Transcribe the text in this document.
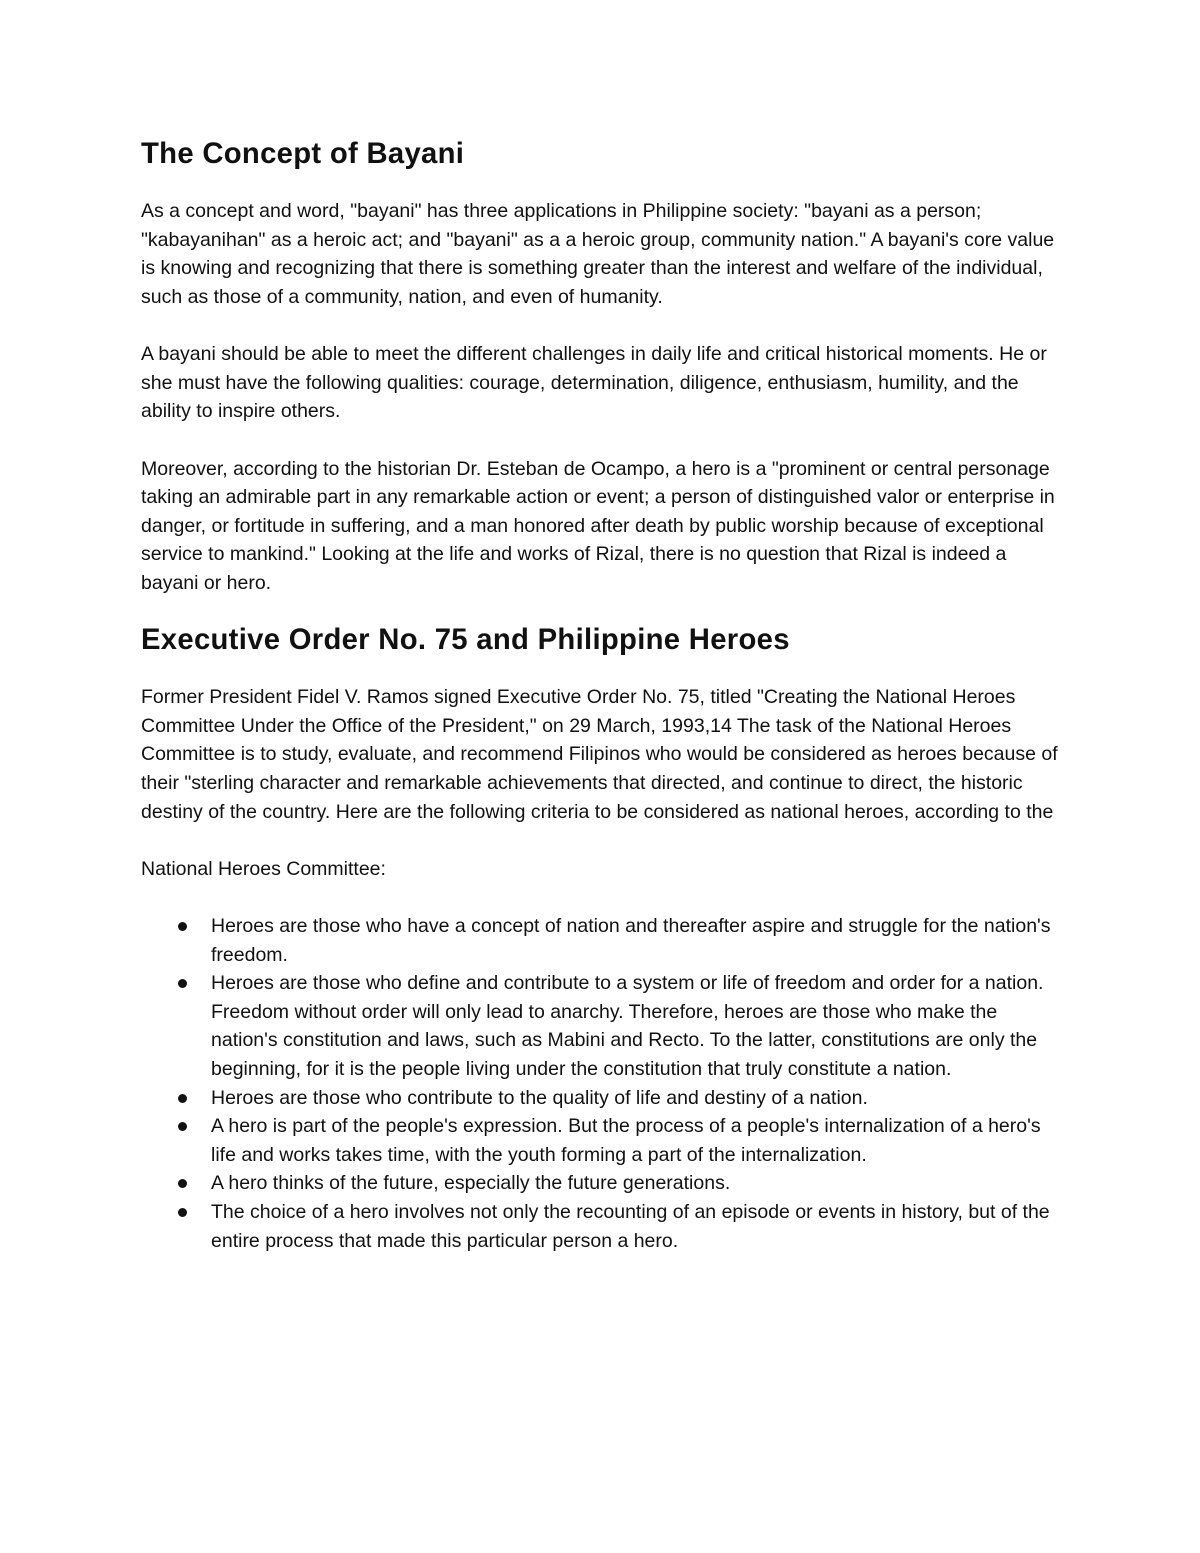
The Concept of Bayani

As a concept and word, "bayani" has three applications in Philippine society: "bayani as a person; "kabayanihan" as a heroic act; and "bayani" as a a heroic group, community nation." A bayani's core value is knowing and recognizing that there is something greater than the interest and welfare of the individual, such as those of a community, nation, and even of humanity.

A bayani should be able to meet the different challenges in daily life and critical historical moments. He or she must have the following qualities: courage, determination, diligence, enthusiasm, humility, and the ability to inspire others.

Moreover, according to the historian Dr. Esteban de Ocampo, a hero is a "prominent or central personage taking an admirable part in any remarkable action or event; a person of distinguished valor or enterprise in danger, or fortitude in suffering, and a man honored after death by public worship because of exceptional service to mankind." Looking at the life and works of Rizal, there is no question that Rizal is indeed a bayani or hero.

Executive Order No. 75 and Philippine Heroes

Former President Fidel V. Ramos signed Executive Order No. 75, titled "Creating the National Heroes Committee Under the Office of the President," on 29 March, 1993,14 The task of the National Heroes Committee is to study, evaluate, and recommend Filipinos who would be considered as heroes because of their "sterling character and remarkable achievements that directed, and continue to direct, the historic destiny of the country. Here are the following criteria to be considered as national heroes, according to the

National Heroes Committee:

Heroes are those who have a concept of nation and thereafter aspire and struggle for the nation's freedom.
Heroes are those who define and contribute to a system or life of freedom and order for a nation. Freedom without order will only lead to anarchy. Therefore, heroes are those who make the nation's constitution and laws, such as Mabini and Recto. To the latter, constitutions are only the beginning, for it is the people living under the constitution that truly constitute a nation.
Heroes are those who contribute to the quality of life and destiny of a nation.
A hero is part of the people's expression. But the process of a people's internalization of a hero's life and works takes time, with the youth forming a part of the internalization.
A hero thinks of the future, especially the future generations.
The choice of a hero involves not only the recounting of an episode or events in history, but of the entire process that made this particular person a hero.
